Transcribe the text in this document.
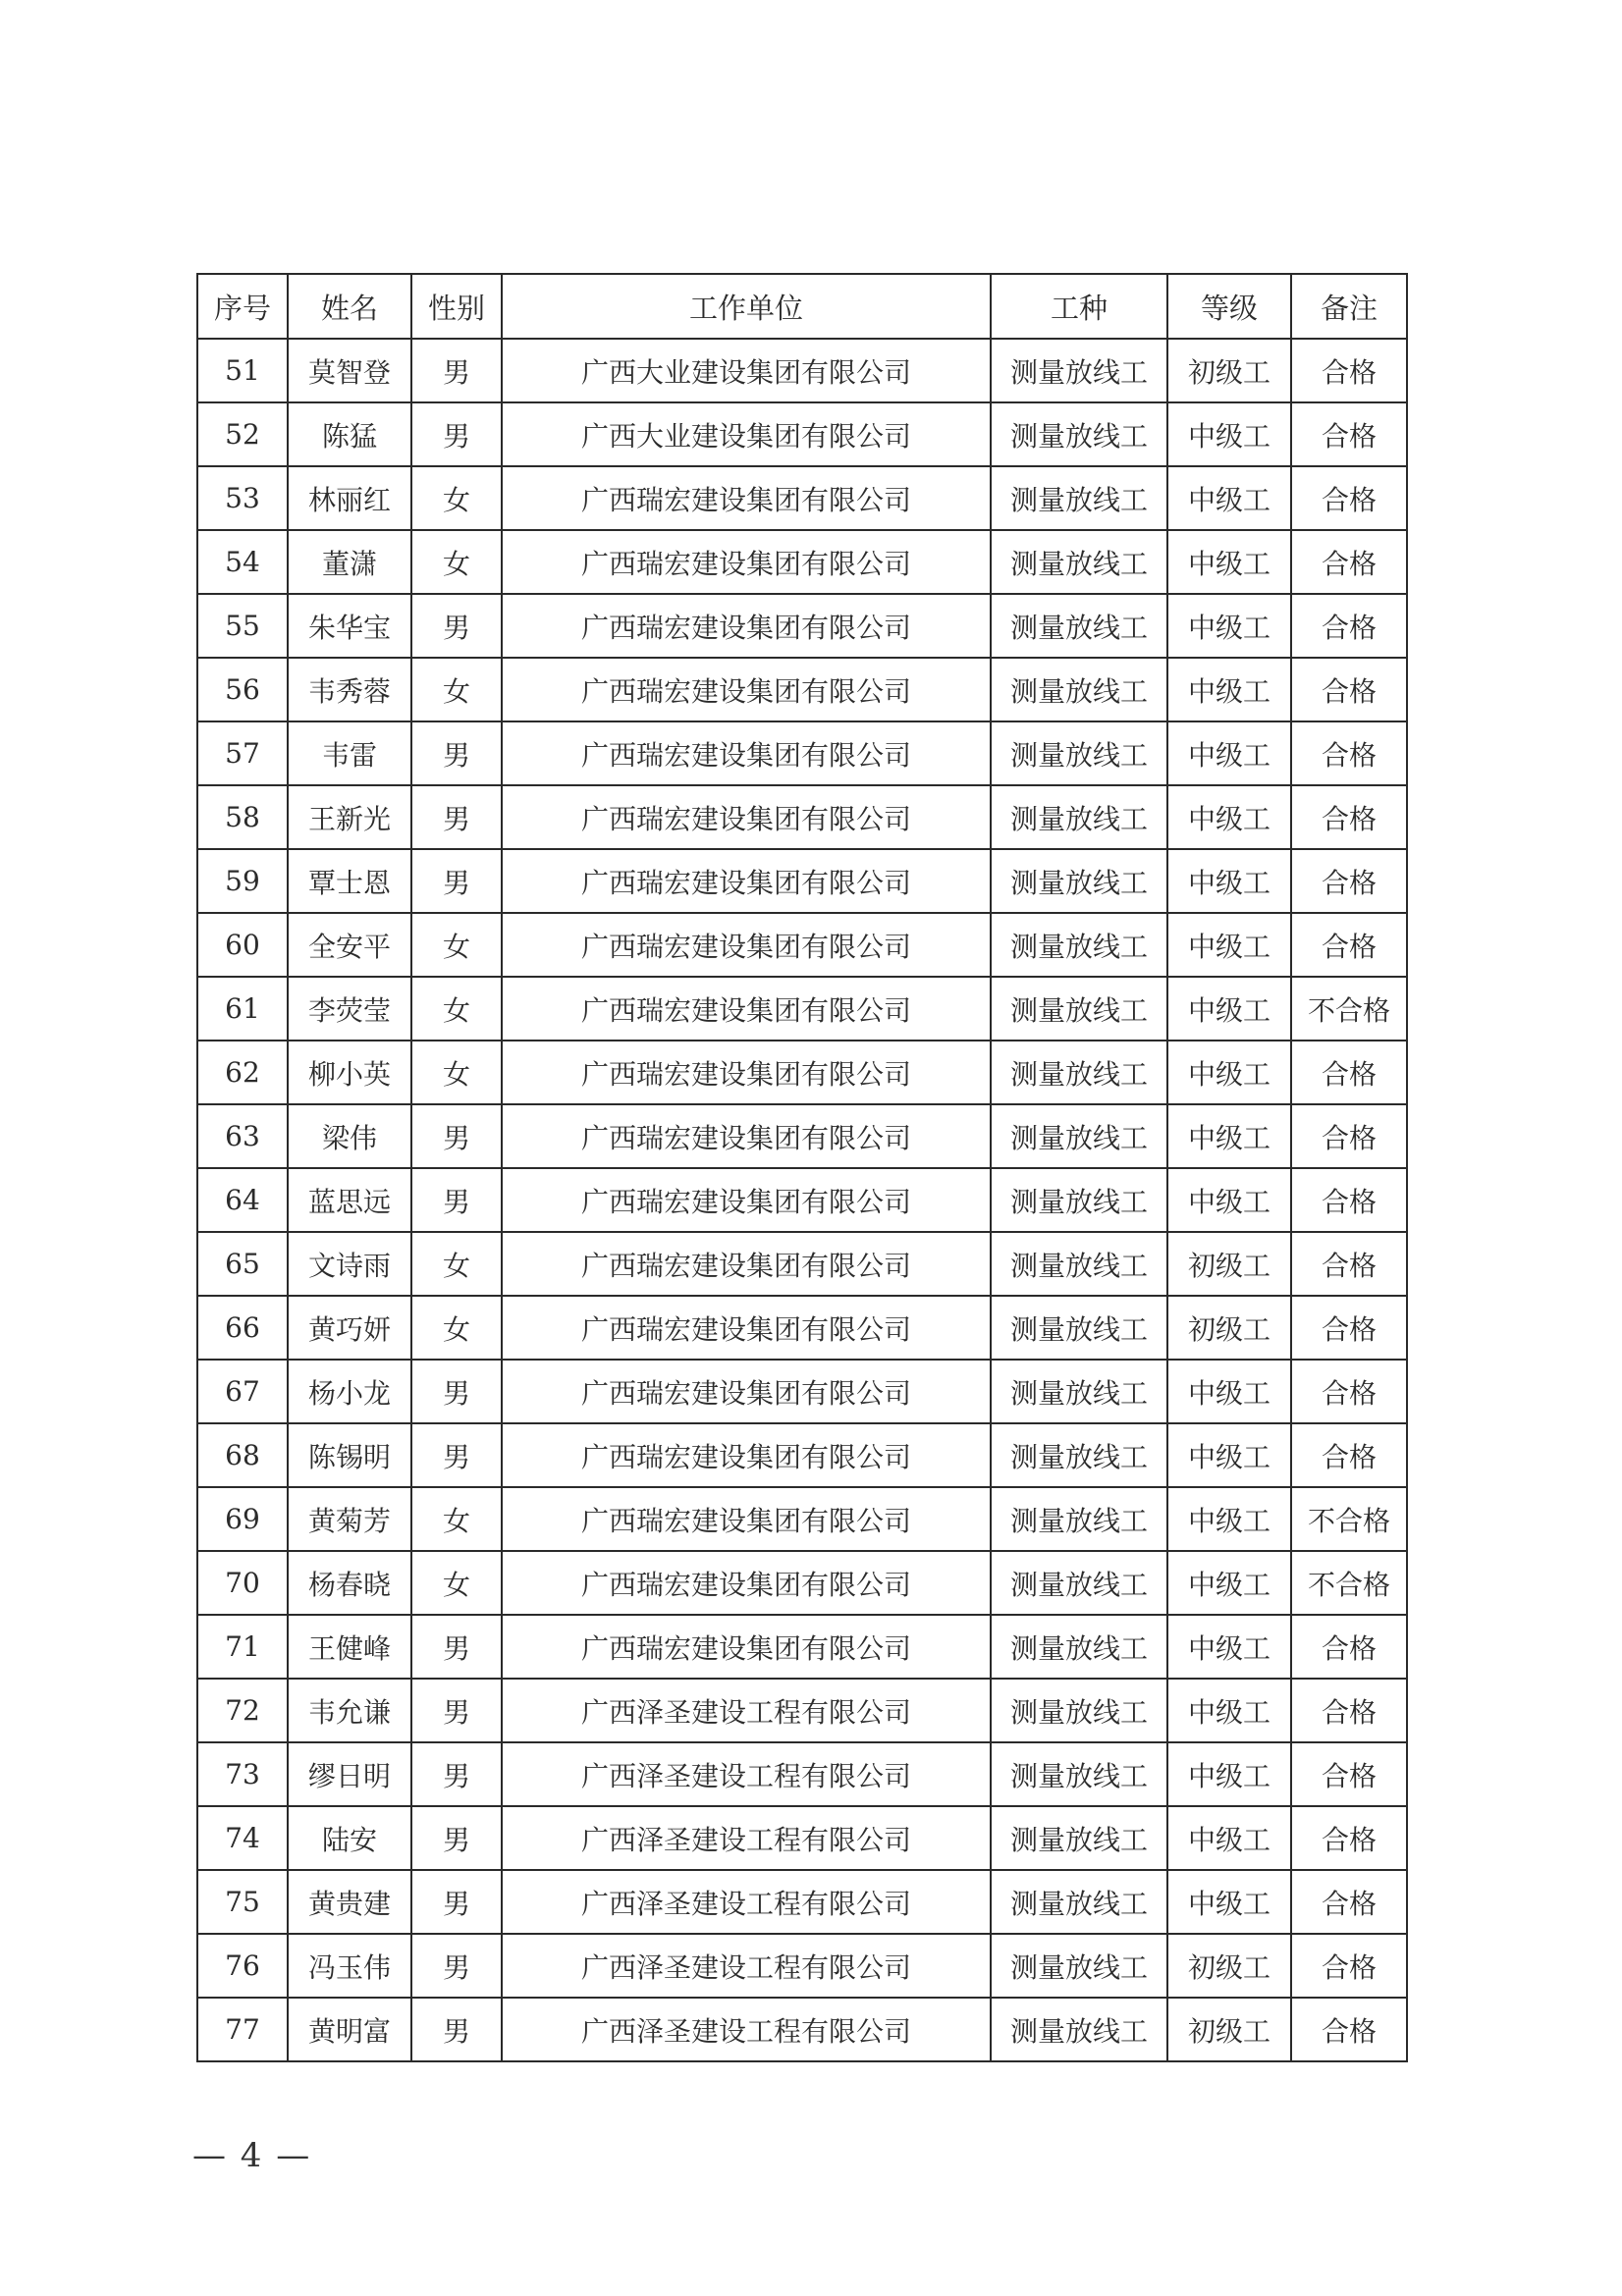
序号	姓名	性别	工作单位	工种	等级	备注
51	莫智登	男	广西大业建设集团有限公司	测量放线工	初级工	合格
52	陈猛	男	广西大业建设集团有限公司	测量放线工	中级工	合格
53	林丽红	女	广西瑞宏建设集团有限公司	测量放线工	中级工	合格
54	董潇	女	广西瑞宏建设集团有限公司	测量放线工	中级工	合格
55	朱华宝	男	广西瑞宏建设集团有限公司	测量放线工	中级工	合格
56	韦秀蓉	女	广西瑞宏建设集团有限公司	测量放线工	中级工	合格
57	韦雷	男	广西瑞宏建设集团有限公司	测量放线工	中级工	合格
58	王新光	男	广西瑞宏建设集团有限公司	测量放线工	中级工	合格
59	覃士恩	男	广西瑞宏建设集团有限公司	测量放线工	中级工	合格
60	全安平	女	广西瑞宏建设集团有限公司	测量放线工	中级工	合格
61	李荧莹	女	广西瑞宏建设集团有限公司	测量放线工	中级工	不合格
62	柳小英	女	广西瑞宏建设集团有限公司	测量放线工	中级工	合格
63	梁伟	男	广西瑞宏建设集团有限公司	测量放线工	中级工	合格
64	蓝思远	男	广西瑞宏建设集团有限公司	测量放线工	中级工	合格
65	文诗雨	女	广西瑞宏建设集团有限公司	测量放线工	初级工	合格
66	黄巧妍	女	广西瑞宏建设集团有限公司	测量放线工	初级工	合格
67	杨小龙	男	广西瑞宏建设集团有限公司	测量放线工	中级工	合格
68	陈锡明	男	广西瑞宏建设集团有限公司	测量放线工	中级工	合格
69	黄菊芳	女	广西瑞宏建设集团有限公司	测量放线工	中级工	不合格
70	杨春晓	女	广西瑞宏建设集团有限公司	测量放线工	中级工	不合格
71	王健峰	男	广西瑞宏建设集团有限公司	测量放线工	中级工	合格
72	韦允谦	男	广西泽圣建设工程有限公司	测量放线工	中级工	合格
73	缪日明	男	广西泽圣建设工程有限公司	测量放线工	中级工	合格
74	陆安	男	广西泽圣建设工程有限公司	测量放线工	中级工	合格
75	黄贵建	男	广西泽圣建设工程有限公司	测量放线工	中级工	合格
76	冯玉伟	男	广西泽圣建设工程有限公司	测量放线工	初级工	合格
77	黄明富	男	广西泽圣建设工程有限公司	测量放线工	初级工	合格
— 4 —
